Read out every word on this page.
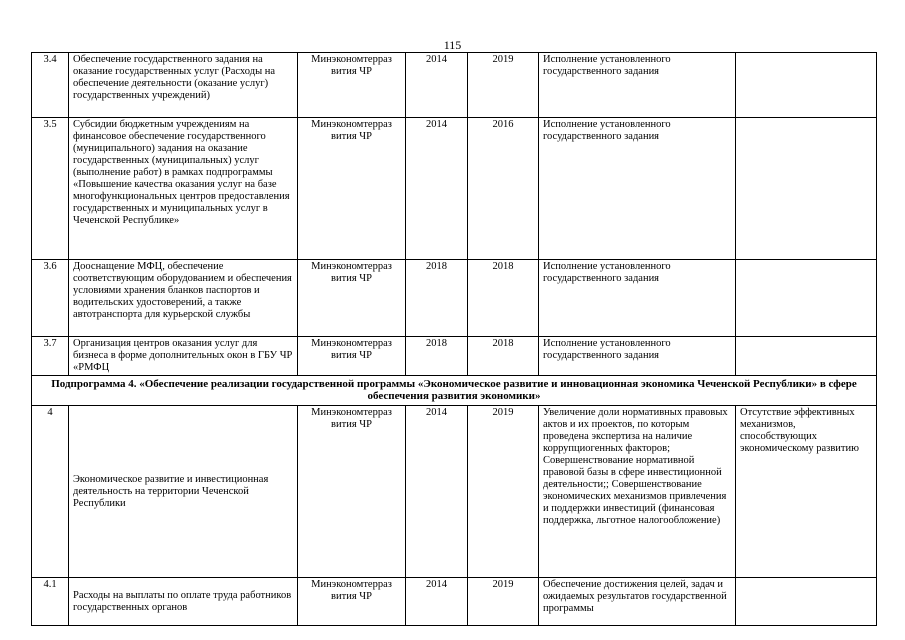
115
3.4	Обеспечение государственного задания на оказание государственных услуг (Расходы на обеспечение деятельности (оказание услуг) государственных учреждений)	Минэкономтерраз вития ЧР	2014	2019	Исполнение установленного государственного задания	
3.5	Субсидии бюджетным учреждениям на финансовое обеспечение государственного (муниципального) задания на оказание государственных (муниципальных) услуг (выполнение работ) в рамках подпрограммы «Повышение качества оказания услуг на базе многофункциональных центров предоставления государственных и муниципальных услуг в Чеченской Республике»	Минэкономтерраз вития ЧР	2014	2016	Исполнение установленного государственного задания	
3.6	Дооснащение МФЦ, обеспечение соответствующим оборудованием и обеспечения условиями хранения бланков паспортов и водительских удостоверений, а также автотранспорта для курьерской службы	Минэкономтерраз вития ЧР	2018	2018	Исполнение установленного государственного задания	
3.7	Организация центров оказания услуг для бизнеса в форме дополнительных окон в ГБУ ЧР «РМФЦ	Минэкономтерраз вития ЧР	2018	2018	Исполнение установленного государственного задания	
Подпрограмма 4. «Обеспечение реализации государственной программы «Экономическое развитие и инновационная экономика Чеченской Республики» в сфере обеспечения развития экономики»						
4	Экономическое развитие и инвестиционная деятельность на территории Чеченской Республики	Минэкономтерраз вития ЧР	2014	2019	Увеличение доли нормативных правовых актов и их проектов, по которым проведена экспертиза на наличие коррупциогенных факторов; Совершенствование нормативной правовой базы в сфере инвестиционной деятельности;; Совершенствование экономических механизмов привлечения и поддержки инвестиций (финансовая поддержка, льготное налогообложение)	Отсутствие эффективных механизмов, способствующих экономическому развитию
4.1	Расходы на выплаты по оплате труда работников государственных органов	Минэкономтерраз вития ЧР	2014	2019	Обеспечение достижения целей, задач и ожидаемых результатов государственной программы	
